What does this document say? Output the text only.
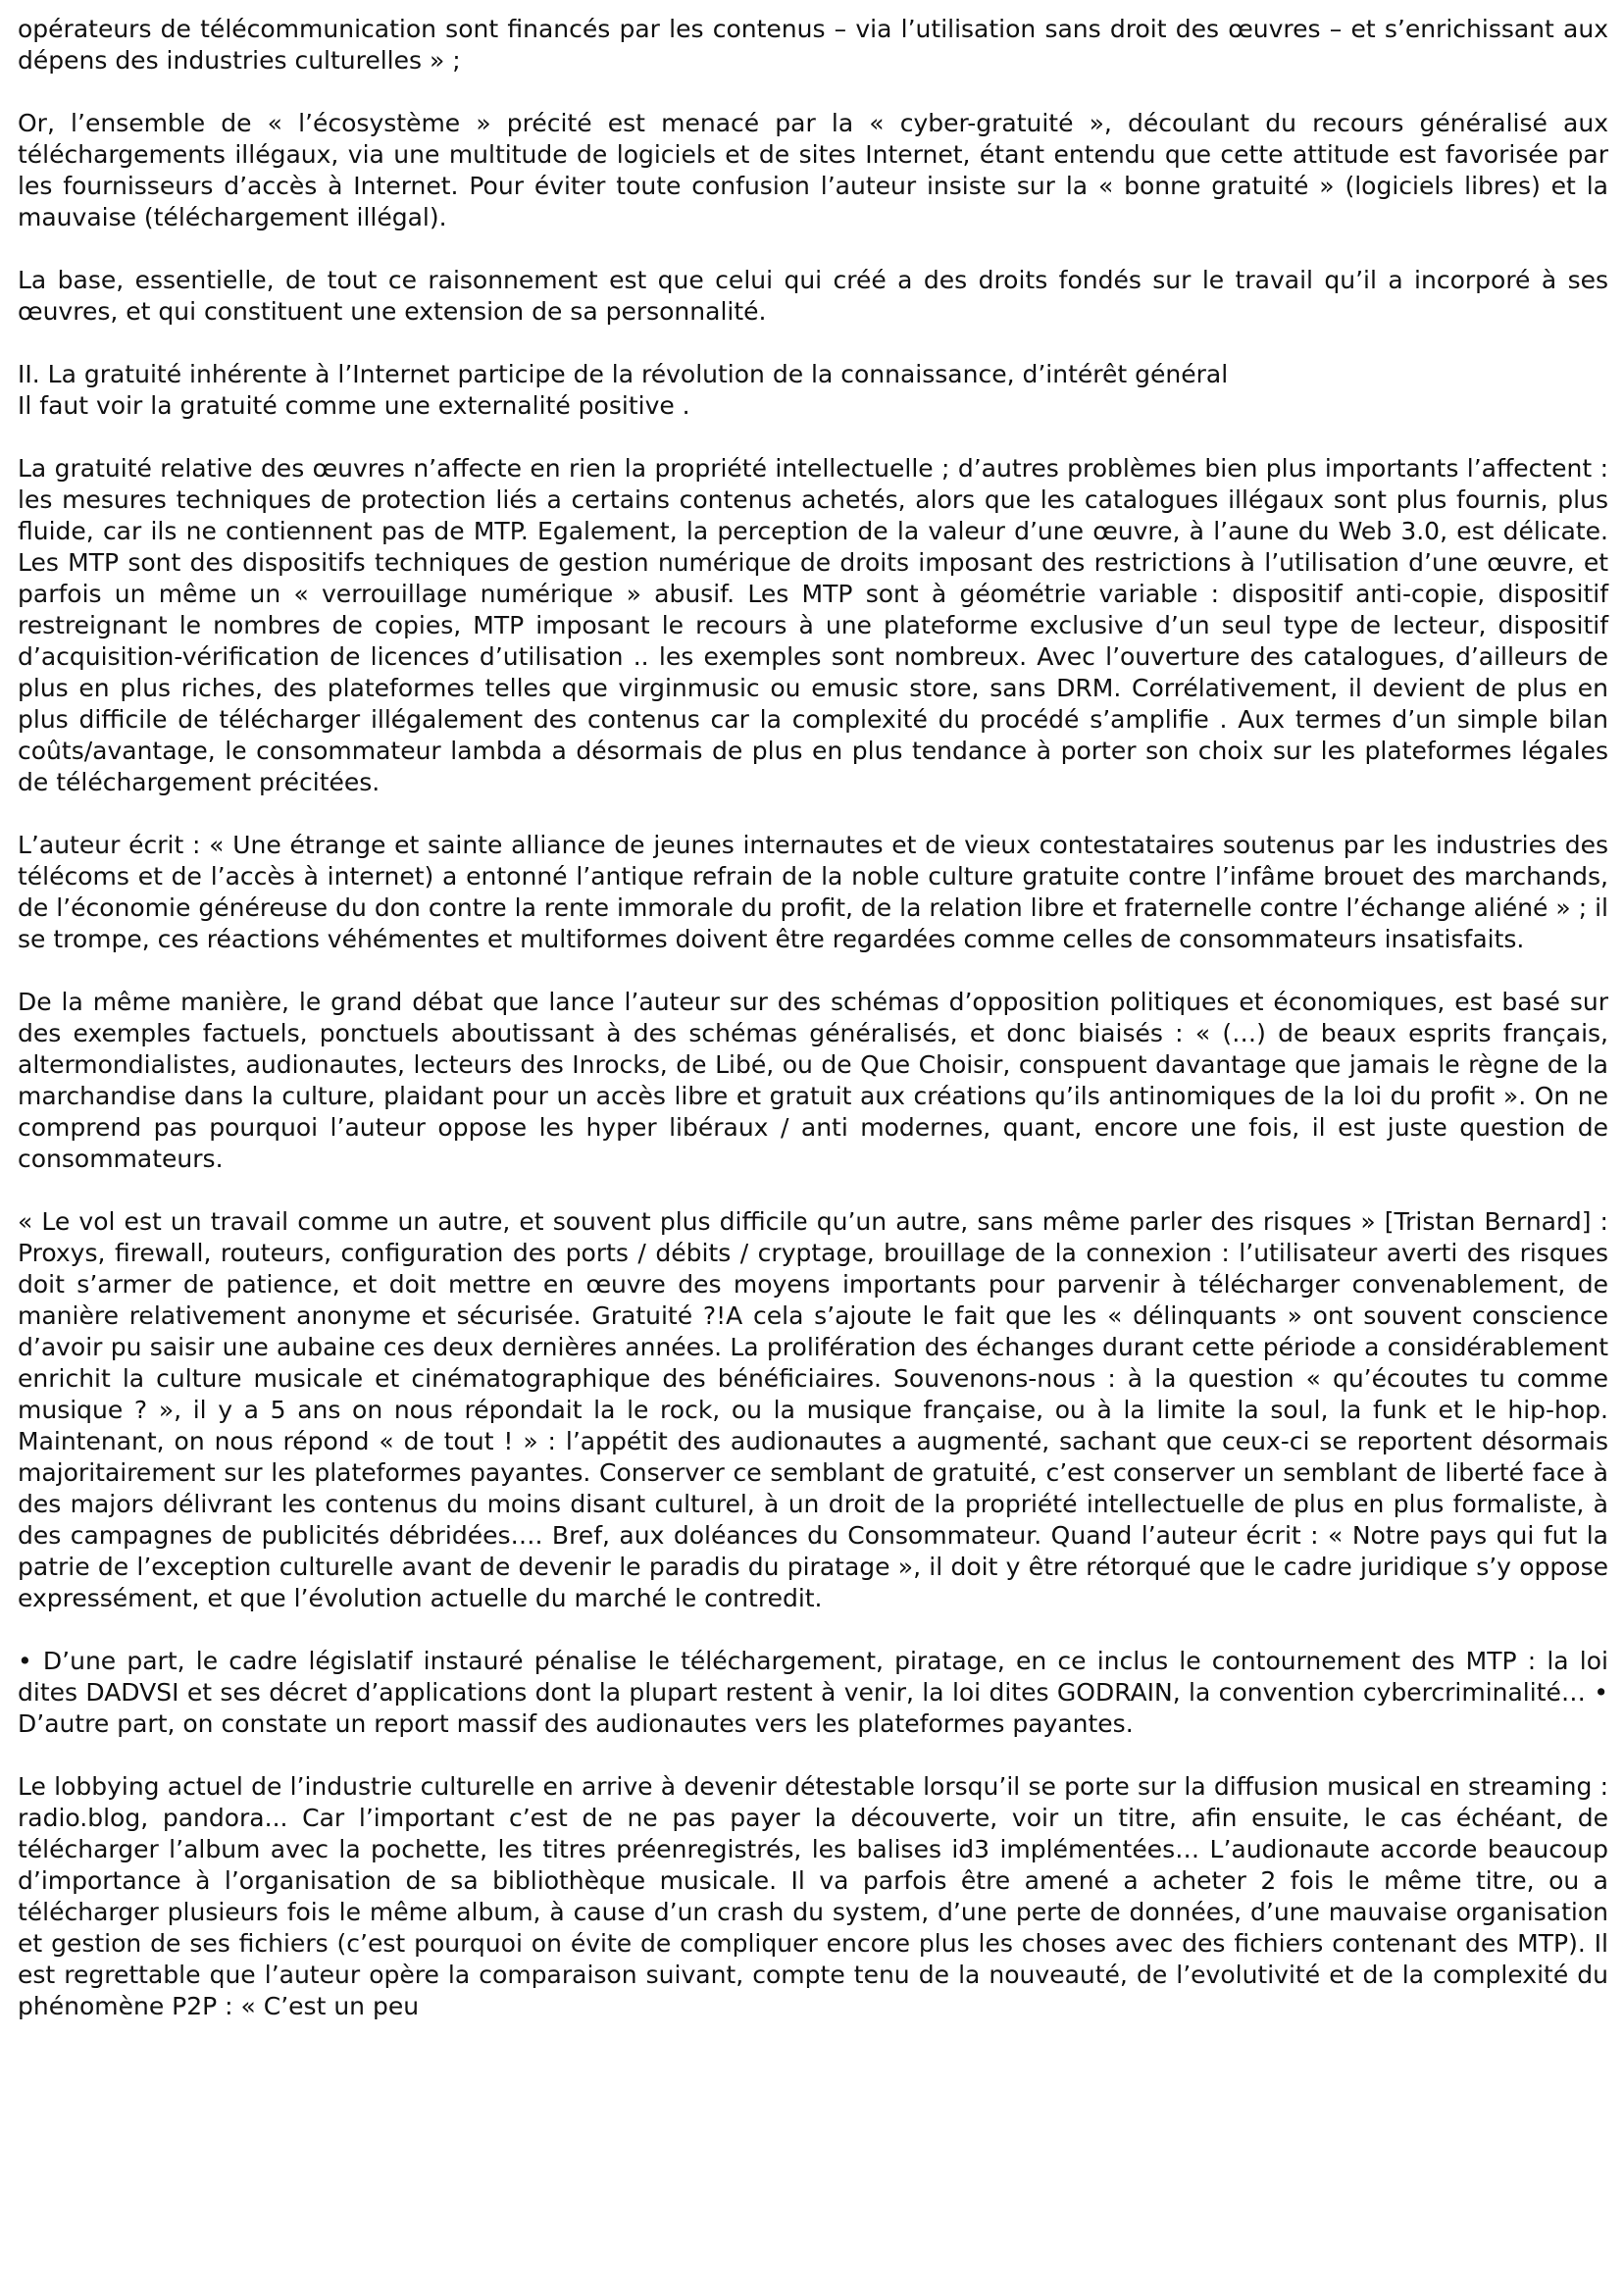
opérateurs de télécommunication sont financés par les contenus – via l’utilisation sans droit des œuvres – et s’enrichissant aux dépens des industries culturelles » ;

Or, l’ensemble de « l’écosystème » précité est menacé par la « cyber-gratuité », découlant du recours généralisé aux téléchargements illégaux, via une multitude de logiciels et de sites Internet, étant entendu que cette attitude est favorisée par les fournisseurs d’accès à Internet. Pour éviter toute confusion l’auteur insiste sur la « bonne gratuité » (logiciels libres) et la mauvaise (téléchargement illégal).

La base, essentielle, de tout ce raisonnement est que celui qui créé a des droits fondés sur le travail qu’il a incorporé à ses œuvres, et qui constituent une extension de sa personnalité.

II. La gratuité inhérente à l’Internet participe de la révolution de la connaissance, d’intérêt général
Il faut voir la gratuité comme une externalité positive .

La gratuité relative des œuvres n’affecte en rien la propriété intellectuelle ; d’autres problèmes bien plus importants l’affectent : les mesures techniques de protection liés a certains contenus achetés, alors que les catalogues illégaux sont plus fournis, plus fluide, car ils ne contiennent pas de MTP. Egalement, la perception de la valeur d’une œuvre, à l’aune du Web 3.0, est délicate. Les MTP sont des dispositifs techniques de gestion numérique de droits imposant des restrictions à l’utilisation d’une œuvre, et parfois un même un « verrouillage numérique » abusif. Les MTP sont à géométrie variable : dispositif anti-copie, dispositif restreignant le nombres de copies, MTP imposant le recours à une plateforme exclusive d’un seul type de lecteur, dispositif d’acquisition-vérification de licences d’utilisation .. les exemples sont nombreux. Avec l’ouverture des catalogues, d’ailleurs de plus en plus riches, des plateformes telles que virginmusic ou emusic store, sans DRM. Corrélativement, il devient de plus en plus difficile de télécharger illégalement des contenus car la complexité du procédé s’amplifie . Aux termes d’un simple bilan coûts/avantage, le consommateur lambda a désormais de plus en plus tendance à porter son choix sur les plateformes légales de téléchargement précitées.

L’auteur écrit : « Une étrange et sainte alliance de jeunes internautes et de vieux contestataires soutenus par les industries des télécoms et de l’accès à internet) a entonné l’antique refrain de la noble culture gratuite contre l’infâme brouet des marchands, de l’économie généreuse du don contre la rente immorale du profit, de la relation libre et fraternelle contre l’échange aliéné » ; il se trompe, ces réactions véhémentes et multiformes doivent être regardées comme celles de consommateurs insatisfaits.

De la même manière, le grand débat que lance l’auteur sur des schémas d’opposition politiques et économiques, est basé sur des exemples factuels, ponctuels aboutissant à des schémas généralisés, et donc biaisés : « (…) de beaux esprits français, altermondialistes, audionautes, lecteurs des Inrocks, de Libé, ou de Que Choisir, conspuent davantage que jamais le règne de la marchandise dans la culture, plaidant pour un accès libre et gratuit aux créations qu’ils antinomiques de la loi du profit ». On ne comprend pas pourquoi l’auteur oppose les hyper libéraux / anti modernes, quant, encore une fois, il est juste question de consommateurs.

« Le vol est un travail comme un autre, et souvent plus difficile qu’un autre, sans même parler des risques » [Tristan Bernard] : Proxys, firewall, routeurs, configuration des ports / débits / cryptage, brouillage de la connexion : l’utilisateur averti des risques doit s’armer de patience, et doit mettre en œuvre des moyens importants pour parvenir à télécharger convenablement, de manière relativement anonyme et sécurisée. Gratuité ?!A cela s’ajoute le fait que les « délinquants » ont souvent conscience d’avoir pu saisir une aubaine ces deux dernières années. La prolifération des échanges durant cette période a considérablement enrichit la culture musicale et cinématographique des bénéficiaires. Souvenons-nous : à la question « qu’écoutes tu comme musique ? », il y a 5 ans on nous répondait la le rock, ou la musique française, ou à la limite la soul, la funk et le hip-hop. Maintenant, on nous répond « de tout ! » : l’appétit des audionautes a augmenté, sachant que ceux-ci se reportent désormais majoritairement sur les plateformes payantes. Conserver ce semblant de gratuité, c’est conserver un semblant de liberté face à des majors délivrant les contenus du moins disant culturel, à un droit de la propriété intellectuelle de plus en plus formaliste, à des campagnes de publicités débridées…. Bref, aux doléances du Consommateur. Quand l’auteur écrit : « Notre pays qui fut la patrie de l’exception culturelle avant de devenir le paradis du piratage », il doit y être rétorqué que le cadre juridique s’y oppose expressément, et que l’évolution actuelle du marché le contredit.

• D’une part, le cadre législatif instauré pénalise le téléchargement, piratage, en ce inclus le contournement des MTP : la loi dites DADVSI et ses décret d’applications dont la plupart restent à venir, la loi dites GODRAIN, la convention cybercriminalité… • D’autre part, on constate un report massif des audionautes vers les plateformes payantes.

Le lobbying actuel de l’industrie culturelle en arrive à devenir détestable lorsqu’il se porte sur la diffusion musical en streaming : radio.blog, pandora... Car l’important c’est de ne pas payer la découverte, voir un titre, afin ensuite, le cas échéant, de télécharger l’album avec la pochette, les titres préenregistrés, les balises id3 implémentées… L’audionaute accorde beaucoup d’importance à l’organisation de sa bibliothèque musicale. Il va parfois être amené a acheter 2 fois le même titre, ou a télécharger plusieurs fois le même album, à cause d’un crash du system, d’une perte de données, d’une mauvaise organisation et gestion de ses fichiers (c’est pourquoi on évite de compliquer encore plus les choses avec des fichiers contenant des MTP). Il est regrettable que l’auteur opère la comparaison suivant, compte tenu de la nouveauté, de l’evolutivité et de la complexité du phénomène P2P : « C’est un peu
